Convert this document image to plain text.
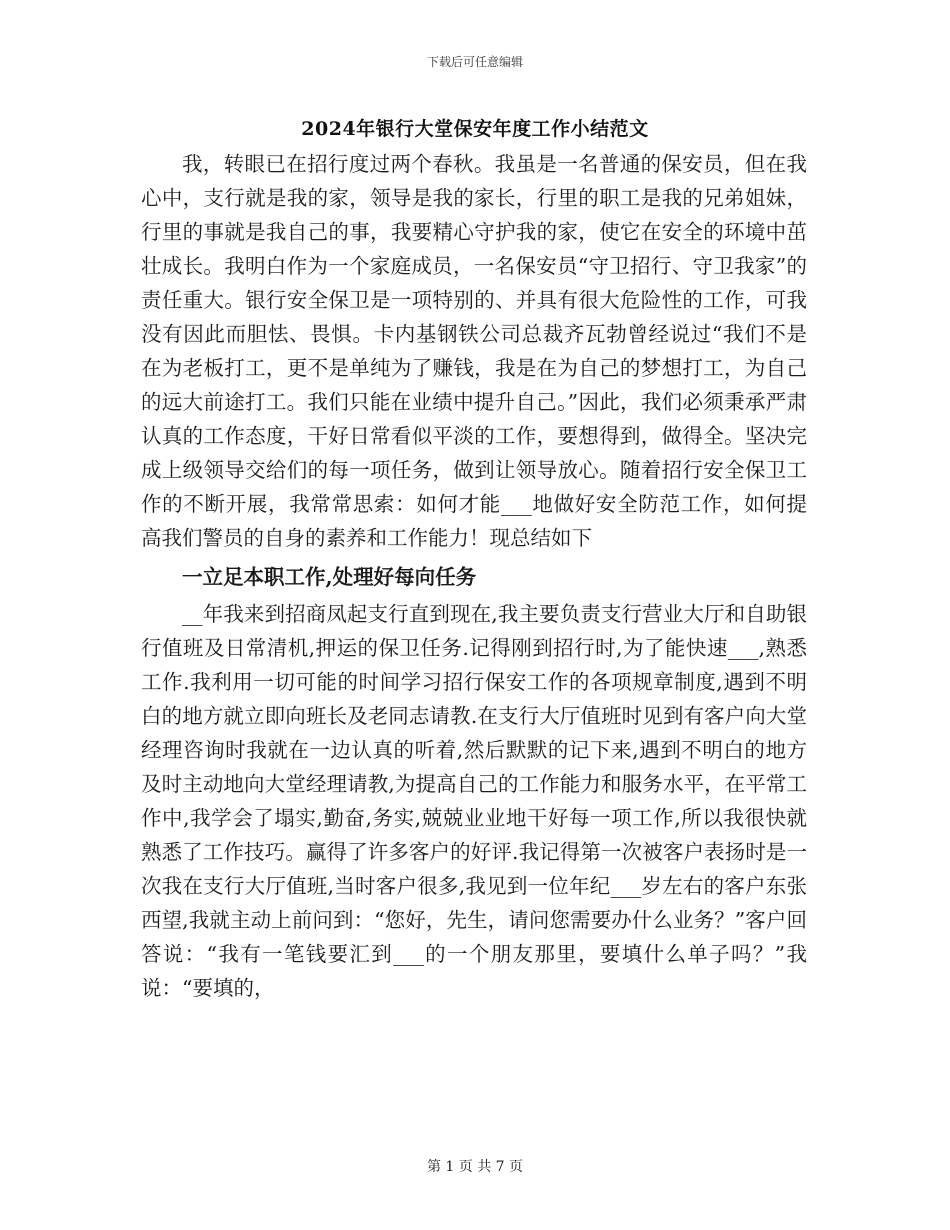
下载后可任意编辑
2024年银行大堂保安年度工作小结范文

我，转眼已在招行度过两个春秋。我虽是一名普通的保安员，但在我心中，支行就是我的家，领导是我的家长，行里的职工是我的兄弟姐妹，行里的事就是我自己的事，我要精心守护我的家，使它在安全的环境中茁壮成长。我明白作为一个家庭成员，一名保安员“守卫招行、守卫我家”的责任重大。银行安全保卫是一项特别的、并具有很大危险性的工作，可我没有因此而胆怯、畏惧。卡内基钢铁公司总裁齐瓦勃曾经说过“我们不是在为老板打工，更不是单纯为了赚钱，我是在为自己的梦想打工，为自己的远大前途打工。我们只能在业绩中提升自己。”因此，我们必须秉承严肃认真的工作态度，干好日常看似平淡的工作，要想得到，做得全。坚决完成上级领导交给们的每一项任务，做到让领导放心。随着招行安全保卫工作的不断开展，我常常思索：如何才能___地做好安全防范工作，如何提高我们警员的自身的素养和工作能力！现总结如下

一立足本职工作,处理好每向任务

__年我来到招商凤起支行直到现在,我主要负责支行营业大厅和自助银行值班及日常清机,押运的保卫任务.记得刚到招行时,为了能快速___,熟悉工作.我利用一切可能的时间学习招行保安工作的各项规章制度,遇到不明白的地方就立即向班长及老同志请教.在支行大厅值班时见到有客户向大堂经理咨询时我就在一边认真的听着,然后默默的记下来,遇到不明白的地方及时主动地向大堂经理请教,为提高自己的工作能力和服务水平，在平常工作中,我学会了塌实,勤奋,务实,兢兢业业地干好每一项工作,所以我很快就熟悉了工作技巧。赢得了许多客户的好评.我记得第一次被客户表扬时是一次我在支行大厅值班,当时客户很多,我见到一位年纪___岁左右的客户东张西望,我就主动上前问到：“您好，先生，请问您需要办什么业务？”客户回答说：“我有一笔钱要汇到___的一个朋友那里，要填什么单子吗？”我说：“要填的，

第 1 页 共 7 页
